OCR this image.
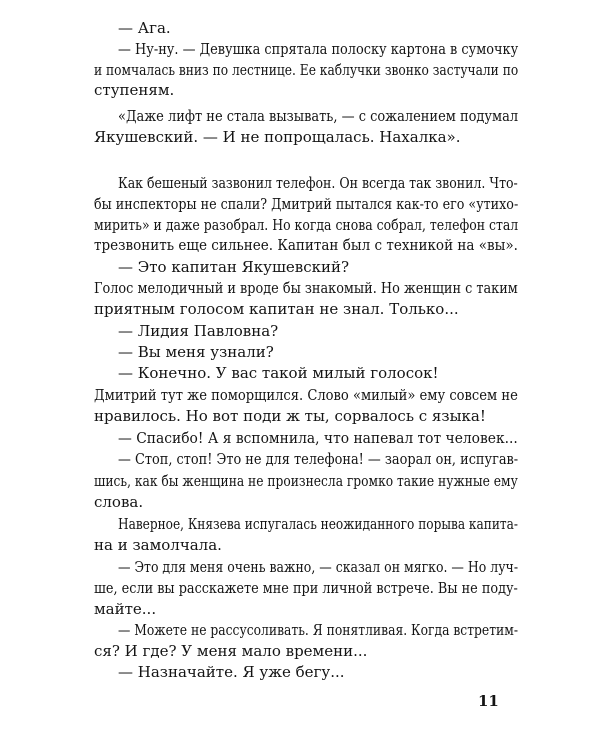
— Ага.
— Ну-ну. — Девушка спрятала полоску картона в сумочку
и помчалась вниз по лестнице. Ее каблучки звонко застучали по
ступеням.
«Даже лифт не стала вызывать, — с сожалением подумал
Якушевский. — И не попрощалась. Нахалка».
Как бешеный зазвонил телефон. Он всегда так звонил. Что-
бы инспекторы не спали? Дмитрий пытался как-то его «утихо-
мирить» и даже разобрал. Но когда снова собрал, телефон стал
трезвонить еще сильнее. Капитан был с техникой на «вы».
— Это капитан Якушевский?
Голос мелодичный и вроде бы знакомый. Но женщин с таким
приятным голосом капитан не знал. Только...
— Лидия Павловна?
— Вы меня узнали?
— Конечно. У вас такой милый голосок!
Дмитрий тут же поморщился. Слово «милый» ему совсем не
нравилось. Но вот поди ж ты, сорвалось с языка!
— Спасибо! А я вспомнила, что напевал тот человек...
— Стоп, стоп! Это не для телефона! — заорал он, испугав-
шись, как бы женщина не произнесла громко такие нужные ему
слова.
Наверное, Князева испугалась неожиданного порыва капита-
на и замолчала.
— Это для меня очень важно, — сказал он мягко. — Но луч-
ше, если вы расскажете мне при личной встрече. Вы не поду-
майте...
— Можете не рассусоливать. Я понятливая. Когда встретим-
ся? И где? У меня мало времени...
— Назначайте. Я уже бегу...
11
